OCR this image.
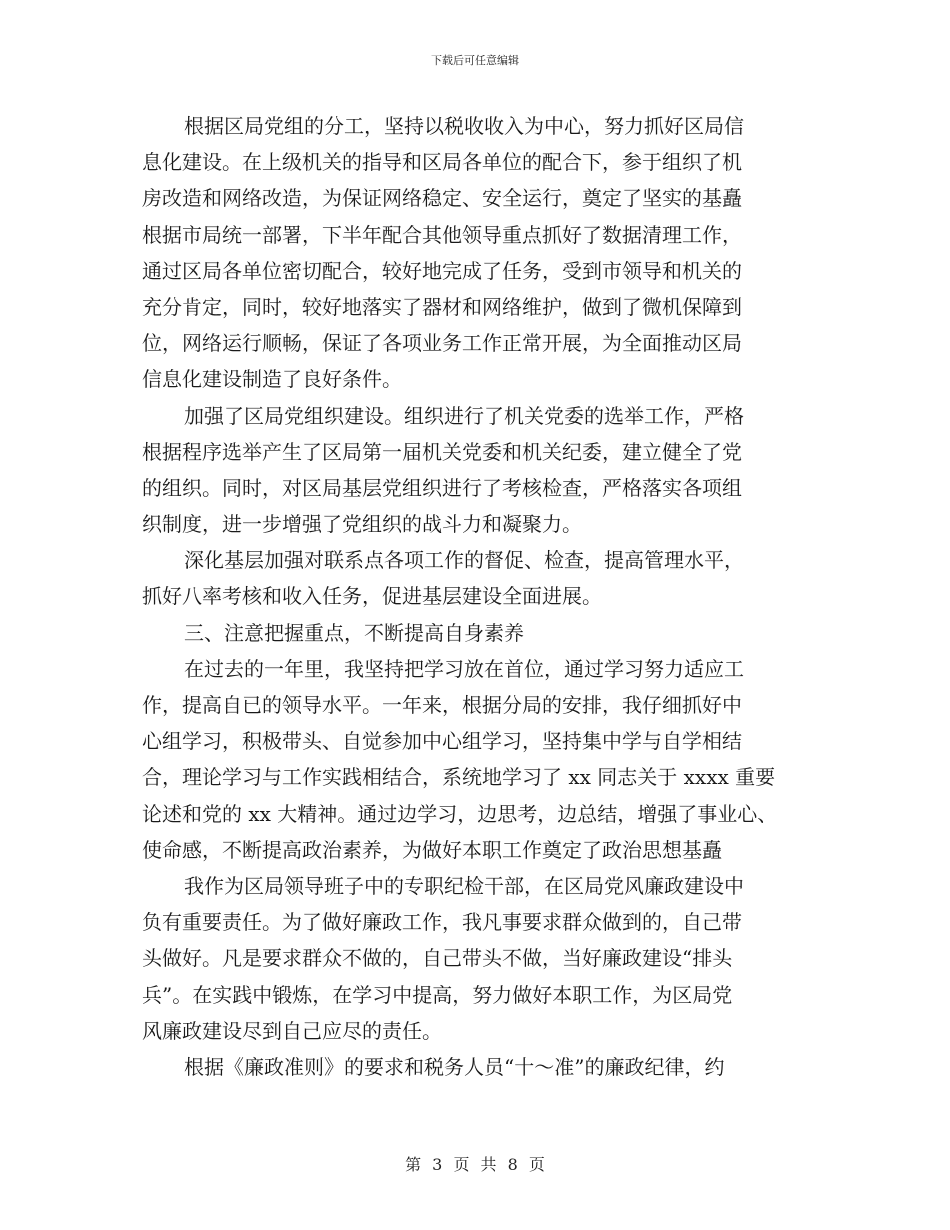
下载后可任意编辑
根据区局党组的分工，坚持以税收收入为中心，努力抓好区局信
息化建设。在上级机关的指导和区局各单位的配合下，参于组织了机
房改造和网络改造，为保证网络稳定、安全运行，奠定了坚实的基矗
根据市局统一部署，下半年配合其他领导重点抓好了数据清理工作，
通过区局各单位密切配合，较好地完成了任务，受到市领导和机关的
充分肯定，同时，较好地落实了器材和网络维护，做到了微机保障到
位，网络运行顺畅，保证了各项业务工作正常开展，为全面推动区局
信息化建设制造了良好条件。
加强了区局党组织建设。组织进行了机关党委的选举工作，严格
根据程序选举产生了区局第一届机关党委和机关纪委，建立健全了党
的组织。同时，对区局基层党组织进行了考核检查，严格落实各项组
织制度，进一步增强了党组织的战斗力和凝聚力。
深化基层加强对联系点各项工作的督促、检查，提高管理水平，
抓好八率考核和收入任务，促进基层建设全面进展。
三、注意把握重点，不断提高自身素养
在过去的一年里，我坚持把学习放在首位，通过学习努力适应工
作，提高自已的领导水平。一年来，根据分局的安排，我仔细抓好中
心组学习，积极带头、自觉参加中心组学习，坚持集中学与自学相结
合，理论学习与工作实践相结合，系统地学习了 xx 同志关于 xxxx 重要
论述和党的 xx 大精神。通过边学习，边思考，边总结，增强了事业心、
使命感，不断提高政治素养，为做好本职工作奠定了政治思想基矗
我作为区局领导班子中的专职纪检干部，在区局党风廉政建设中
负有重要责任。为了做好廉政工作，我凡事要求群众做到的，自己带
头做好。凡是要求群众不做的，自己带头不做，当好廉政建设“排头
兵”。在实践中锻炼，在学习中提高，努力做好本职工作，为区局党
风廉政建设尽到自己应尽的责任。
根据《廉政准则》的要求和税务人员“十～准”的廉政纪律，约
第 3 页 共 8 页
